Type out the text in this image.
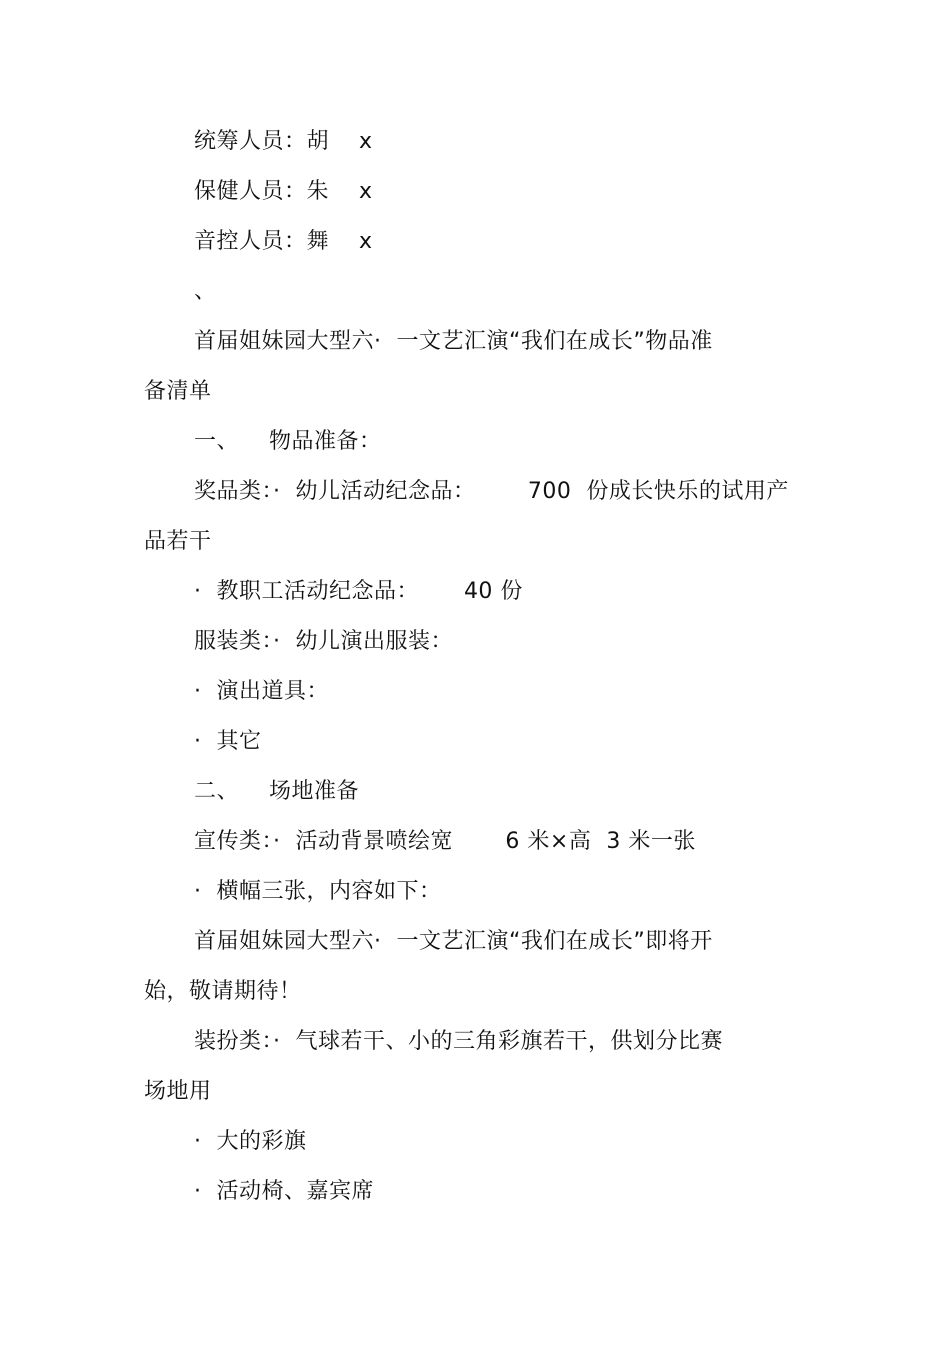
统筹人员：胡    x
保健人员：朱    x
音控人员：舞    x
、
首届姐妹园大型六·  一文艺汇演“我们在成长”物品准
备清单
一、    物品准备：
奖品类：·  幼儿活动纪念品：       700  份成长快乐的试用产
品若干
·  教职工活动纪念品：      40 份
服装类：·  幼儿演出服装：
·  演出道具：
·  其它
二、    场地准备
宣传类：·  活动背景喷绘宽       6 米×高  3 米一张
·  横幅三张，内容如下：
首届姐妹园大型六·  一文艺汇演“我们在成长”即将开
始，敬请期待！
装扮类：·  气球若干、小的三角彩旗若干，供划分比赛
场地用
·  大的彩旗
·  活动椅、嘉宾席
